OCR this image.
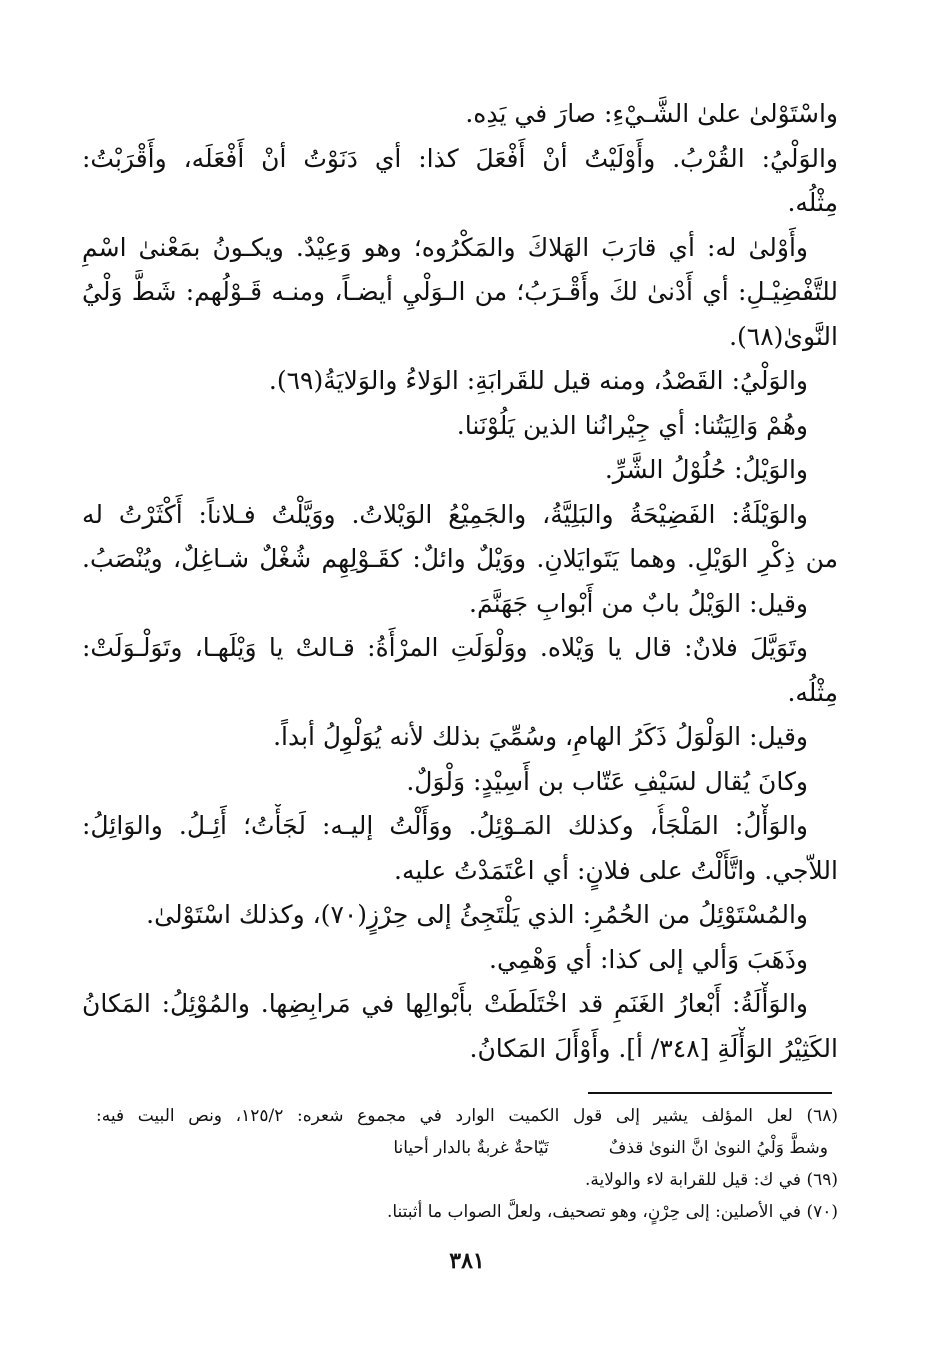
واسْتَوْلىٰ علىٰ الشَّـيْءِ: صارَ في يَدِه.
والوَلْيُ: القُرْبُ. وأَوْلَيْتُ أنْ أَفْعَلَ كذا: أي دَنَوْتُ أنْ أَفْعَلَه، وأَقْرَبْتُ:
مِثْلُه.
وأَوْلىٰ له: أي قارَبَ الهَلاكَ والمَكْرُوه؛ وهو وَعِيْدٌ. ويكـونُ بمَعْنىٰ اسْمِ
للتَّفْضِيْـلِ: أي أَدْنىٰ لكَ وأَقْـرَبُ؛ من الـوَلْيِ أيضـاً، ومنـه قَـوْلُهم: شَطَّ وَلْيُ
النَّوىٰ(٦٨).
والوَلْيُ: القَصْدُ، ومنه قيل للقَرابَةِ: الوَلاءُ والوَلايَةُ(٦٩).
وهُمْ وَالِيَتُنا: أي جِيْرانُنا الذين يَلُوْنَنا.
والوَيْلُ: حُلُوْلُ الشَّرِّ.
والوَيْلَةُ: الفَضِيْحَةُ والبَلِيَّةُ، والجَمِيْعُ الوَيْلاتُ. ووَيَّلْتُ فـلاناً: أَكْثَرْتُ له
من ذِكْرِ الوَيْلِ. وهما يَتَوايَلانِ. ووَيْلٌ وائلٌ: كقَـوْلِهِم شُغْلٌ شـاغِلٌ، ويُنْصَبُ.
وقيل: الوَيْلُ بابٌ من أَبْوابِ جَهَنَّمَ.
وتَوَيَّلَ فلانٌ: قال يا وَيْلاه. ووَلْوَلَتِ المرْأَةُ: قـالتْ يا وَيْلَهـا، وتَوَلْـوَلَتْ:
مِثْلُه.
وقيل: الوَلْوَلُ ذَكَرُ الهامِ، وسُمِّيَ بذلك لأنه يُوَلْوِلُ أبداً.
وكانَ يُقال لسَيْفِ عَتّاب بن أَسِيْدٍ: وَلْوَلٌ.
والوَأْلُ: المَلْجَأُ، وكذلك المَـوْئِلُ. ووَأَلْتُ إليـه: لَجَأْتُ؛ أَئِـلُ. والوَائِلُ:
اللاّجي. واتَّأَلْتُ على فلانٍ: أي اعْتَمَدْتُ عليه.
والمُسْتَوْئِلُ من الحُمُرِ: الذي يَلْتَجِئُ إلى حِرْزٍ(٧٠)، وكذلك اسْتَوْلىٰ.
وذَهَبَ وَألي إلى كذا: أي وَهْمِي.
والوَأْلَةُ: أَبْعارُ الغَنَمِ قد اخْتَلَطَتْ بأَبْوالِها في مَرابِضِها. والمُوْئِلُ: المَكانُ
الكَثِيْرُ الوَأْلَةِ [٣٤٨/ أ]. وأَوْأَلَ المَكانُ.
(٦٨) لعل المؤلف يشير إلى قول الكميت الوارد في مجموع شعره: ١٢٥/٢، ونص البيت فيه:
وشطَّ وَلْيُ النوىٰ انَّ النوىٰ قذفٌ
تَيّاحةٌ غربةٌ بالدار أحيانا
(٦٩) في ك: قيل للقرابة لاء والولاية.
(٧٠) في الأصلين: إلى حِرْنٍ، وهو تصحيف، ولعلَّ الصواب ما أثبتنا.
٣٨١
